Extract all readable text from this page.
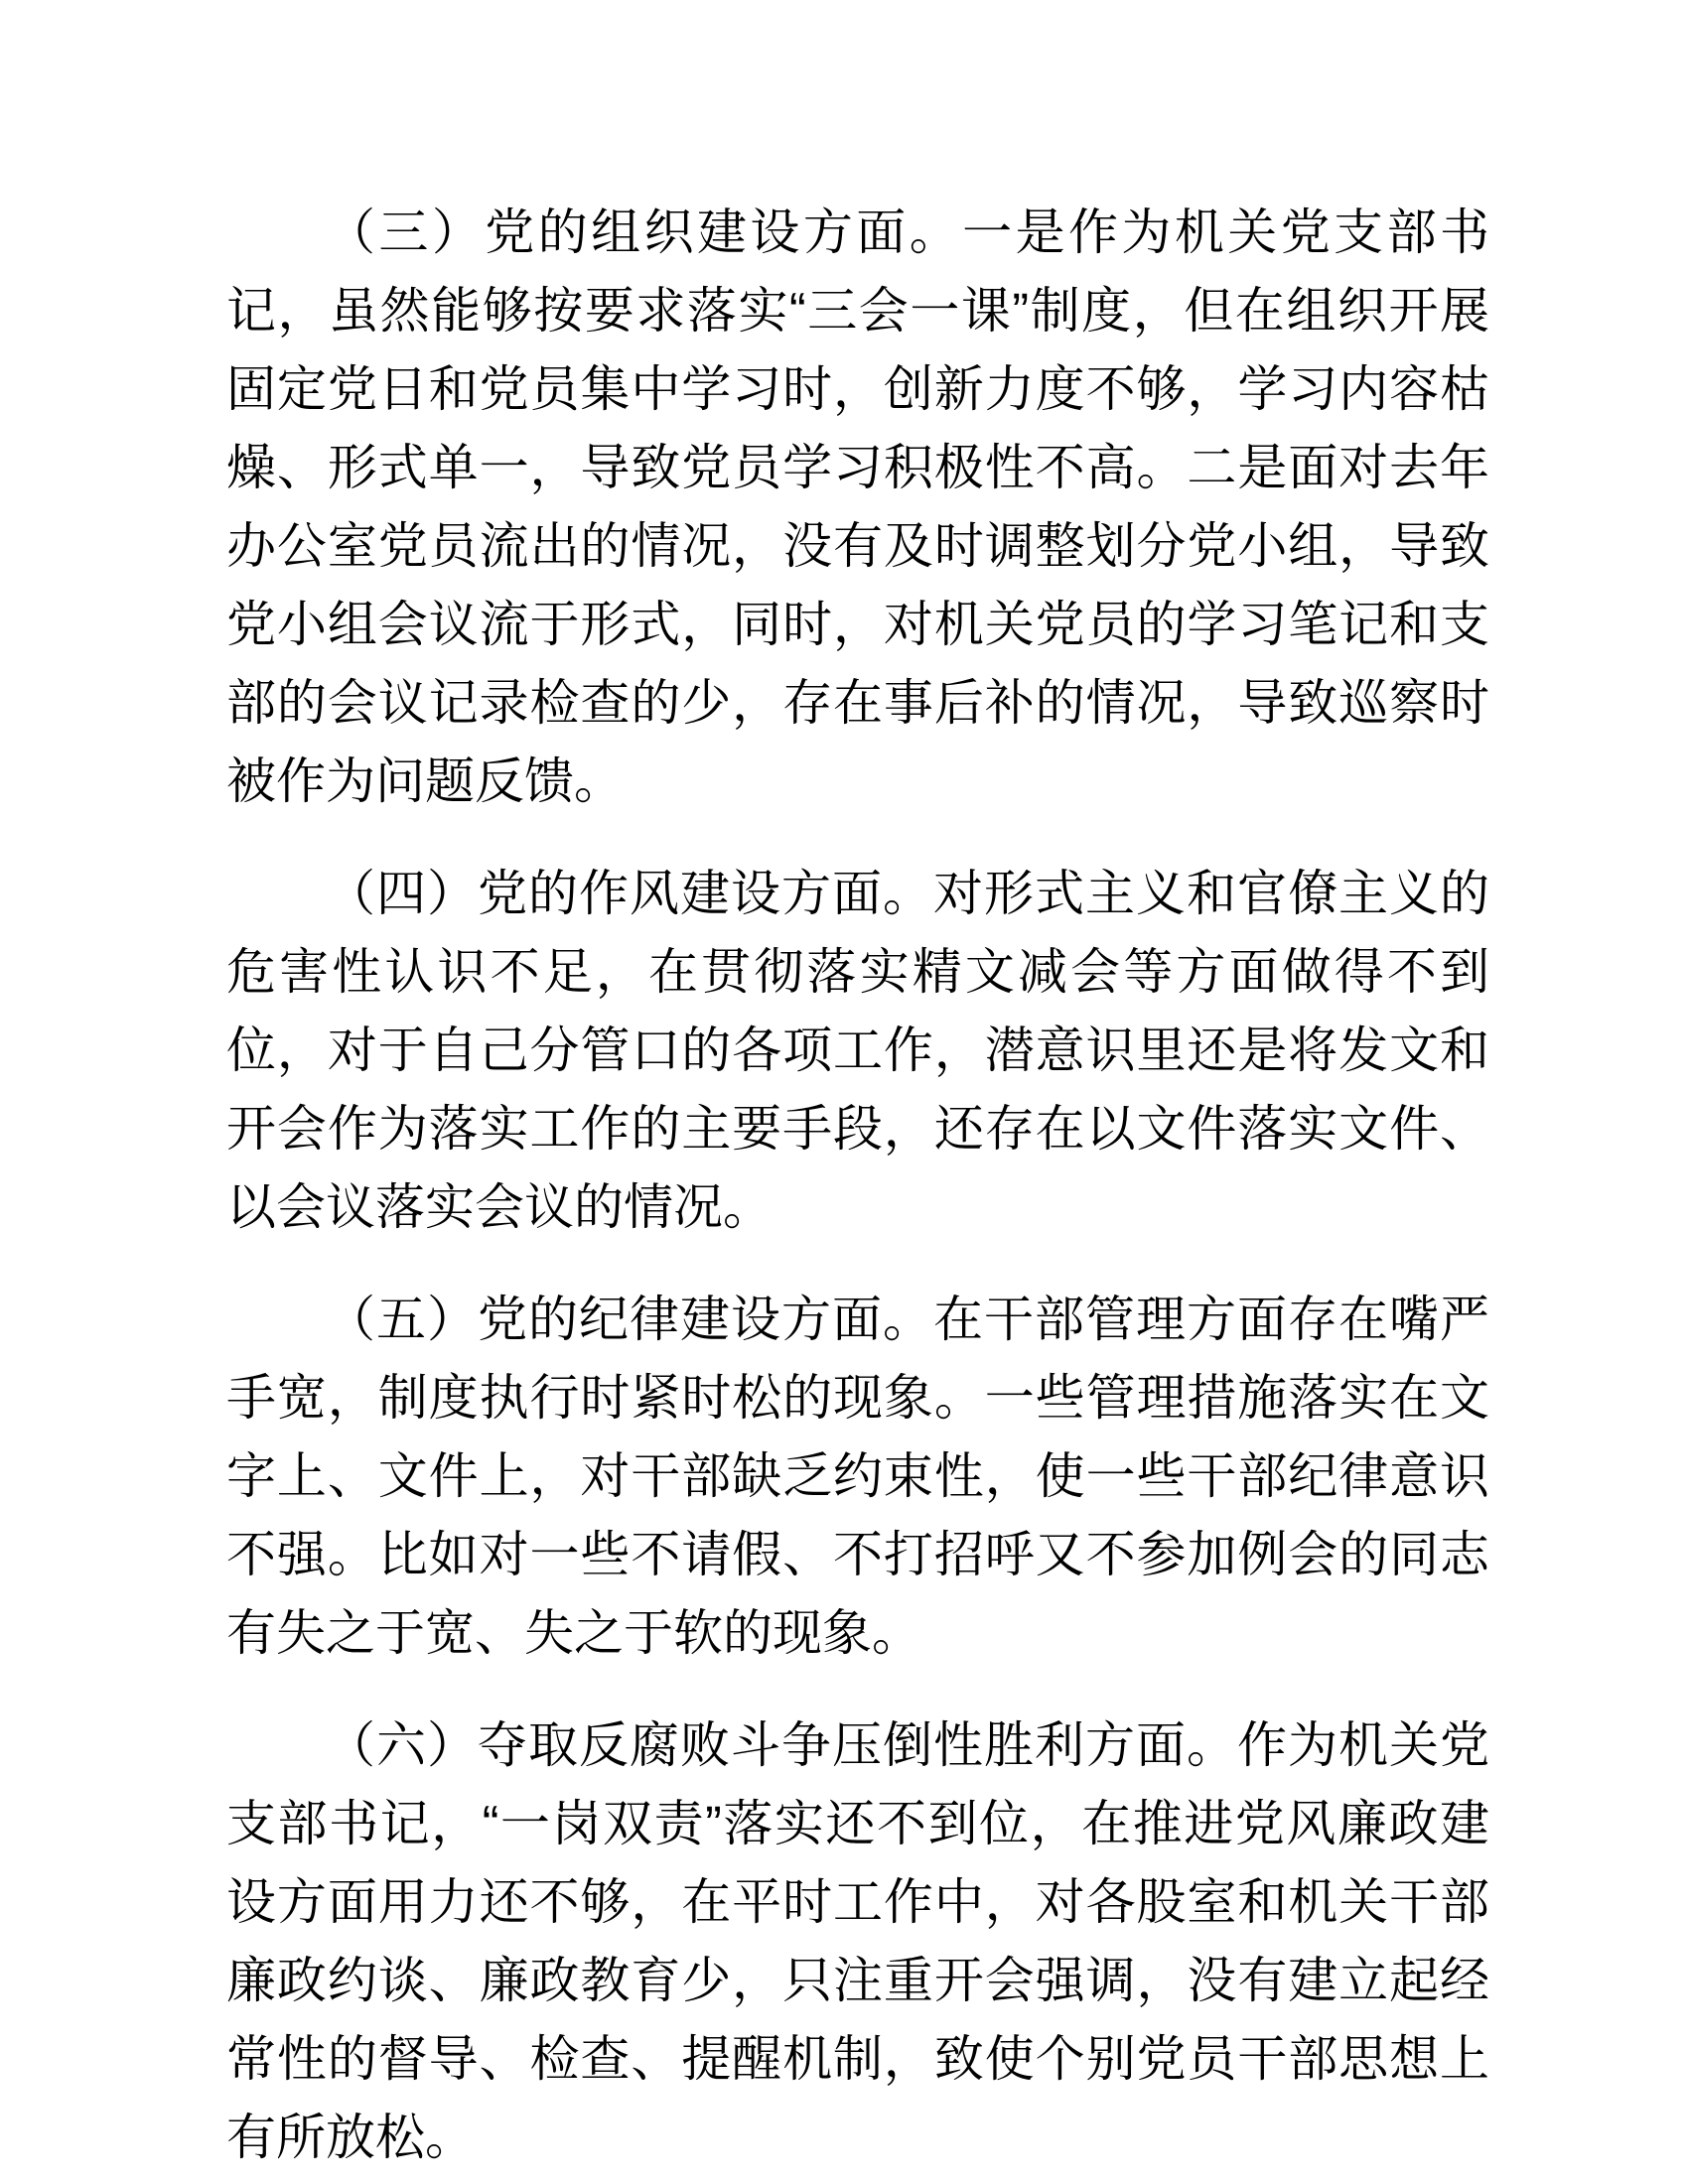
（三）党的组织建设方面。一是作为机关党支部书记，虽然能够按要求落实“三会一课”制度，但在组织开展固定党日和党员集中学习时，创新力度不够，学习内容枯燥、形式单一，导致党员学习积极性不高。二是面对去年办公室党员流出的情况，没有及时调整划分党小组，导致党小组会议流于形式，同时，对机关党员的学习笔记和支部的会议记录检查的少，存在事后补的情况，导致巡察时被作为问题反馈。

（四）党的作风建设方面。对形式主义和官僚主义的危害性认识不足，在贯彻落实精文减会等方面做得不到位，对于自己分管口的各项工作，潜意识里还是将发文和开会作为落实工作的主要手段，还存在以文件落实文件、以会议落实会议的情况。

（五）党的纪律建设方面。在干部管理方面存在嘴严手宽，制度执行时紧时松的现象。一些管理措施落实在文字上、文件上，对干部缺乏约束性，使一些干部纪律意识不强。比如对一些不请假、不打招呼又不参加例会的同志有失之于宽、失之于软的现象。

（六）夺取反腐败斗争压倒性胜利方面。作为机关党支部书记，“一岗双责”落实还不到位，在推进党风廉政建设方面用力还不够，在平时工作中，对各股室和机关干部廉政约谈、廉政教育少，只注重开会强调，没有建立起经常性的督导、检查、提醒机制，致使个别党员干部思想上有所放松。
